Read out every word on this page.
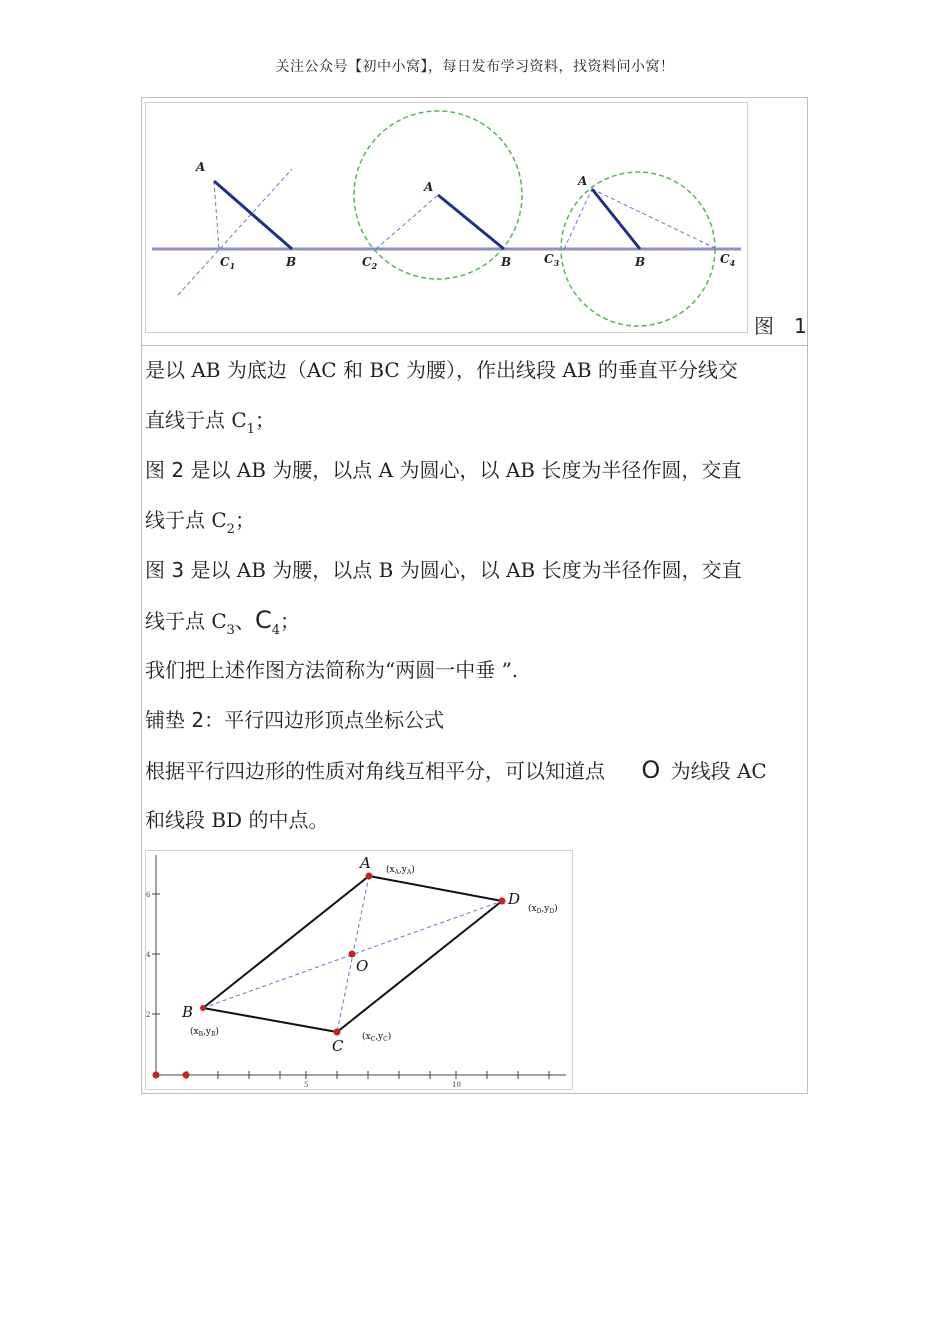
关注公众号【初中小窝】，每日发布学习资料，找资料问小窝！
A
$C_1$	B
A
$C_2$	B
A
$C_3$	B	$C_4$
图　1
是以 AB 为底边（AC 和 BC 为腰），作出线段 AB 的垂直平分线交
直线于点 $C_1$；
图 2 是以 AB 为腰，以点 A 为圆心，以 AB 长度为半径作圆，交直
线于点 $C_2$；
图 3 是以 AB 为腰，以点 B 为圆心，以 AB 长度为半径作圆，交直
线于点 $C_3$、$C_4$；
我们把上述作图方法简称为“两圆一中垂 ”.
铺垫 2：平行四边形顶点坐标公式
根据平行四边形的性质对角线互相平分，可以知道点 O 为线段 AC
和线段 BD 的中点。
6
4
2
5	10
A
D
C
B
O
$(x_A,y_A)$
$(x_D,y_D)$
$(x_C,y_C)$
$(x_B,y_B)$
